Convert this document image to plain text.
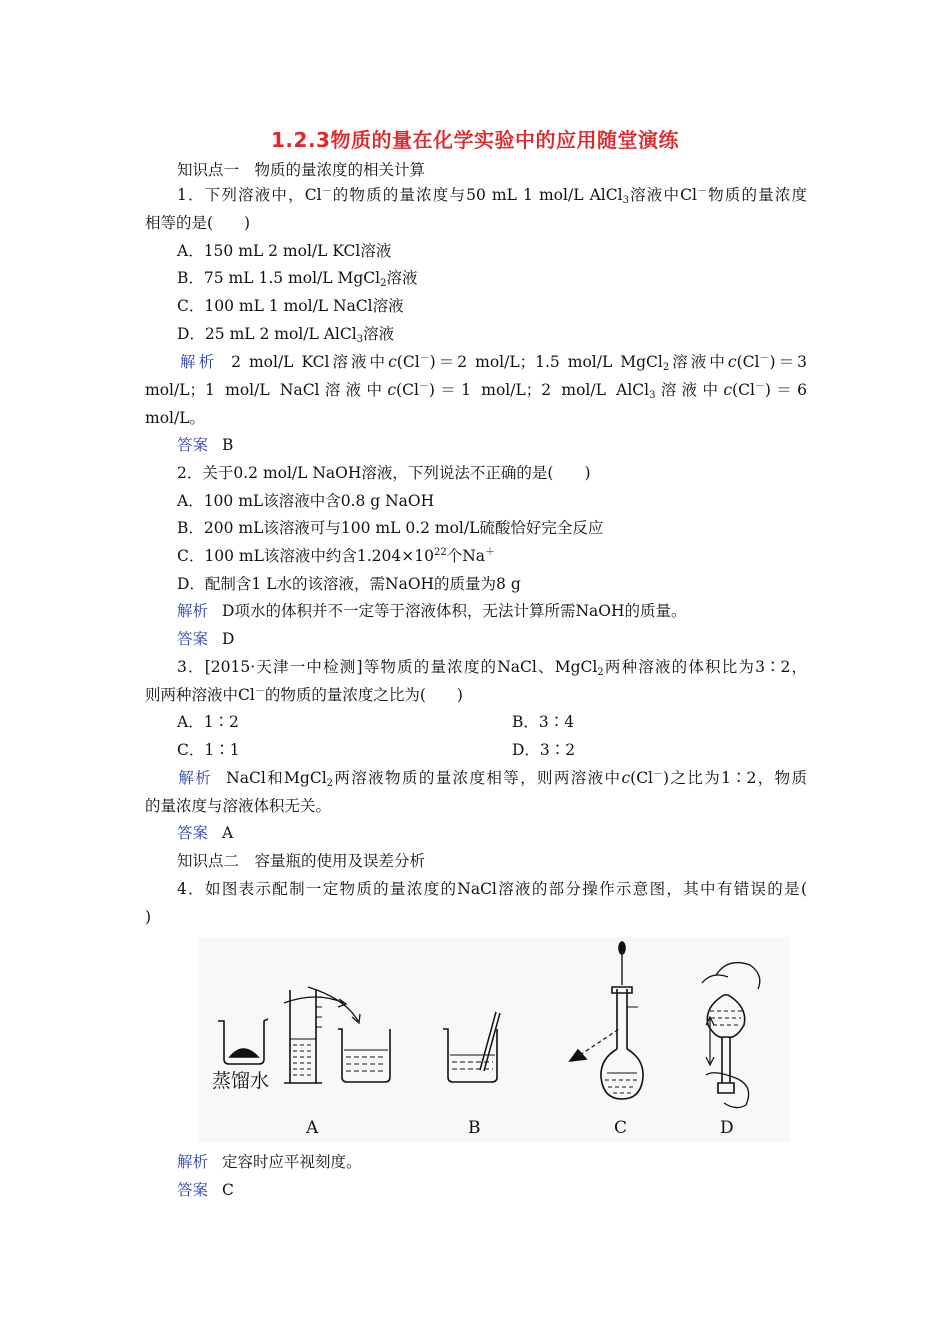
1.2.3物质的量在化学实验中的应用随堂演练
知识点一　物质的量浓度的相关计算
1．下列溶液中，Cl－的物质的量浓度与50 mL 1 mol/L AlCl$_3$溶液中Cl－物质的量浓度
相等的是(　　)
A．150 mL 2 mol/L KCl溶液
B．75 mL 1.5 mol/L MgCl$_2$溶液
C．100 mL 1 mol/L NaCl溶液
D．25 mL 2 mol/L AlCl$_3$溶液
解析 2 mol/L KCl溶液中c(Cl－)＝2 mol/L；1.5 mol/L MgCl$_2$溶液中c(Cl－)＝3
mol/L；1 mol/L NaCl溶液中c(Cl－)＝1 mol/L；2 mol/L AlCl$_3$溶液中c(Cl－)＝6
mol/L。
答案 B
2．关于0.2 mol/L NaOH溶液，下列说法不正确的是(　　)
A．100 mL该溶液中含0.8 g NaOH
B．200 mL该溶液可与100 mL 0.2 mol/L硫酸恰好完全反应
C．100 mL该溶液中约含$1.204\times 10^{22}$个Na＋
D．配制含1 L水的该溶液，需NaOH的质量为8 g
解析 D项水的体积并不一定等于溶液体积，无法计算所需NaOH的质量。
答案 D
3．[2015·天津一中检测]等物质的量浓度的NaCl、MgCl$_2$两种溶液的体积比为3∶2，
则两种溶液中Cl－的物质的量浓度之比为(　　)
A．1∶2	B．3∶4
C．1∶1	D．3∶2
解析 NaCl和MgCl$_2$两溶液物质的量浓度相等，则两溶液中c(Cl－)之比为1∶2，物质
的量浓度与溶液体积无关。
答案 A
知识点二　容量瓶的使用及误差分析
4．如图表示配制一定物质的量浓度的NaCl溶液的部分操作示意图，其中有错误的是(
)
蒸馏水
A	B	C	D
解析 定容时应平视刻度。
答案 C
